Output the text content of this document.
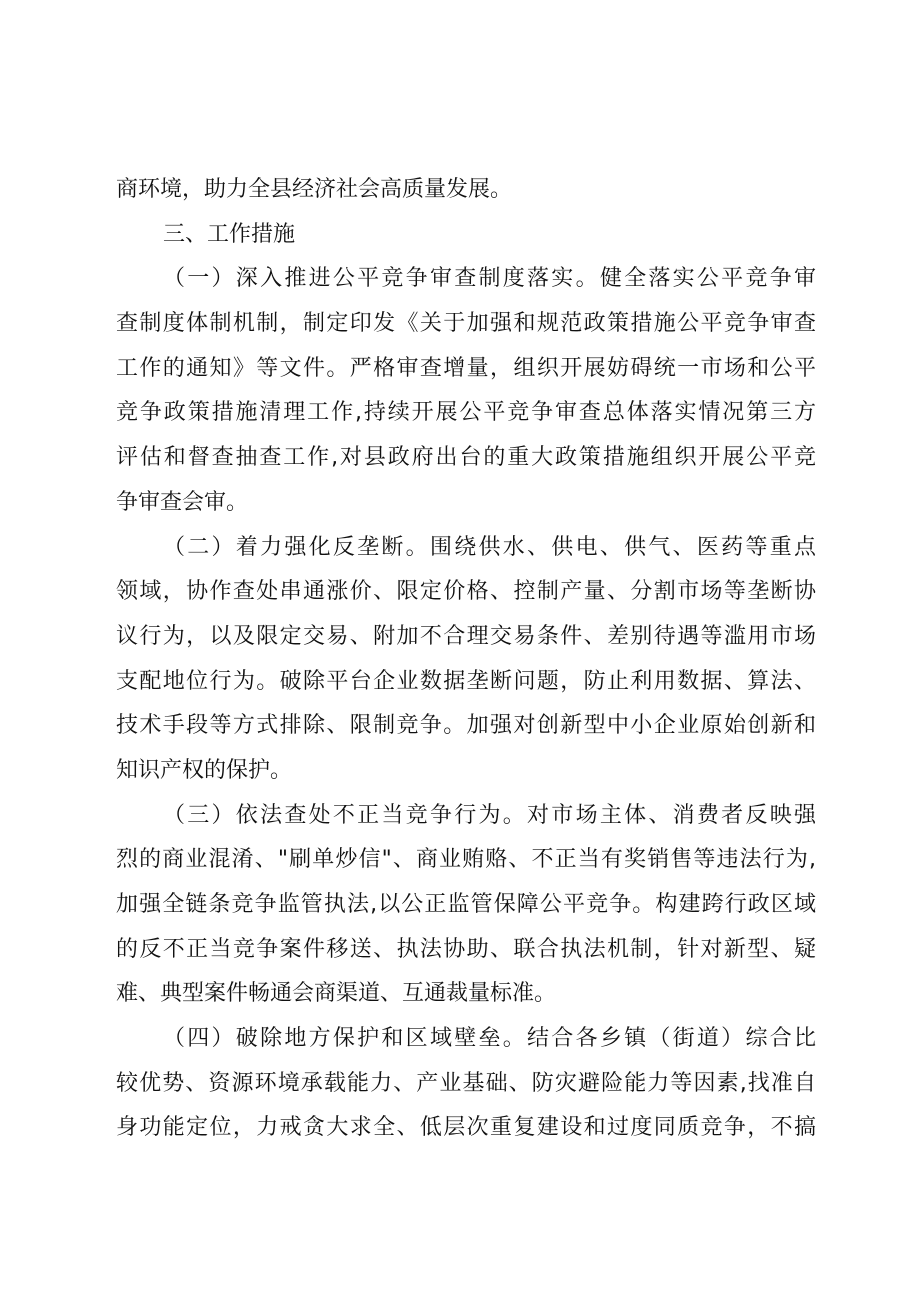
商环境，助力全县经济社会高质量发展。
三、工作措施
（一）深入推进公平竞争审查制度落实。健全落实公平竞争审
查制度体制机制，制定印发《关于加强和规范政策措施公平竞争审查
工作的通知》等文件。严格审查增量，组织开展妨碍统一市场和公平
竞争政策措施清理工作,持续开展公平竞争审查总体落实情况第三方
评估和督查抽查工作,对县政府出台的重大政策措施组织开展公平竞
争审查会审。
（二）着力强化反垄断。围绕供水、供电、供气、医药等重点
领域，协作查处串通涨价、限定价格、控制产量、分割市场等垄断协
议行为，以及限定交易、附加不合理交易条件、差别待遇等滥用市场
支配地位行为。破除平台企业数据垄断问题，防止利用数据、算法、
技术手段等方式排除、限制竞争。加强对创新型中小企业原始创新和
知识产权的保护。
（三）依法查处不正当竞争行为。对市场主体、消费者反映强
烈的商业混淆、"刷单炒信"、商业贿赂、不正当有奖销售等违法行为,
加强全链条竞争监管执法,以公正监管保障公平竞争。构建跨行政区域
的反不正当竞争案件移送、执法协助、联合执法机制，针对新型、疑
难、典型案件畅通会商渠道、互通裁量标准。
（四）破除地方保护和区域壁垒。结合各乡镇（街道）综合比
较优势、资源环境承载能力、产业基础、防灾避险能力等因素,找准自
身功能定位，力戒贪大求全、低层次重复建设和过度同质竞争，不搞
